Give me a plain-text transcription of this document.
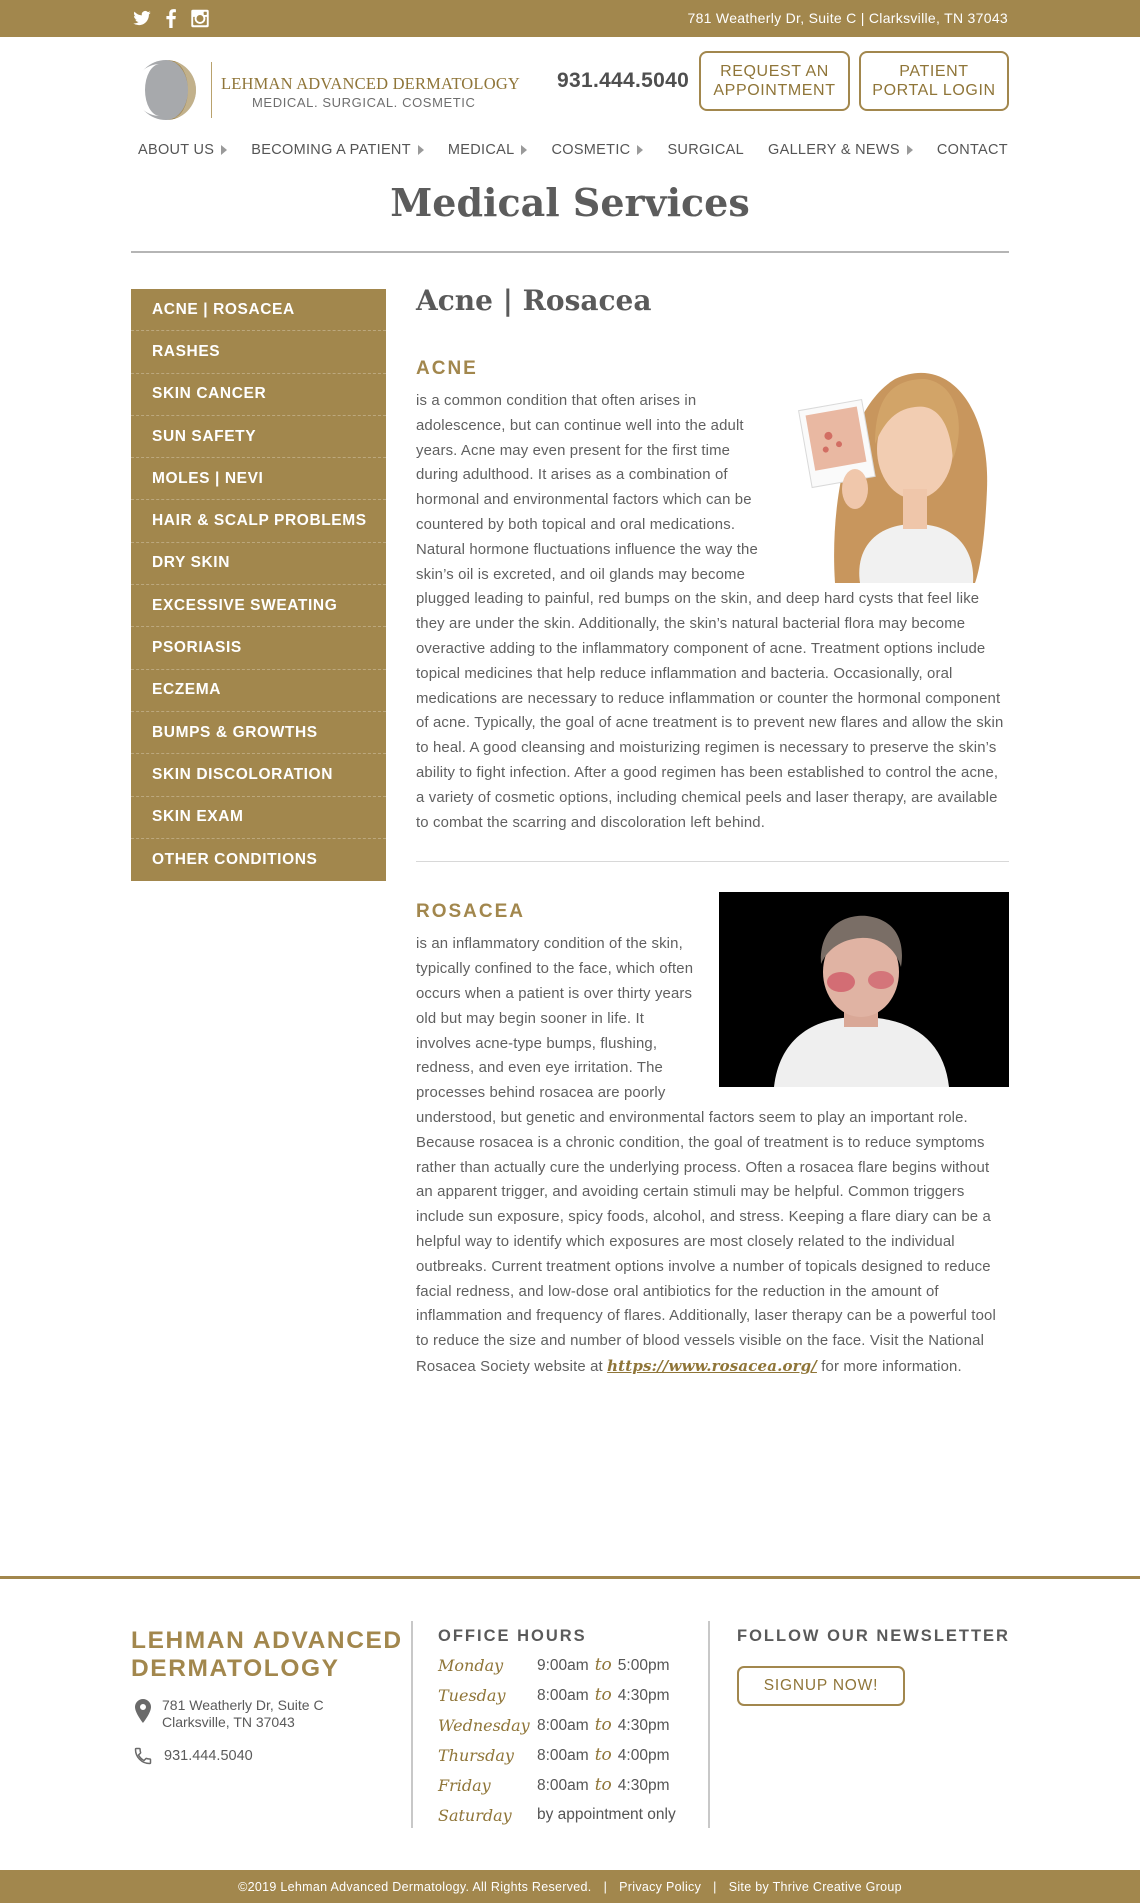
781 Weatherly Dr, Suite C | Clarksville, TN 37043
LEHMAN ADVANCED DERMATOLOGY
MEDICAL. SURGICAL. COSMETIC
931.444.5040	REQUEST AN
APPOINTMENT
PATIENT
PORTAL LOGIN
ABOUT US	BECOMING A PATIENT	MEDICAL	COSMETIC	SURGICAL GALLERY & NEWS	CONTACT
Medical Services
ACNE | ROSACEA
RASHES
SKIN CANCER
SUN SAFETY
MOLES | NEVI
HAIR & SCALP PROBLEMS
DRY SKIN
EXCESSIVE SWEATING
PSORIASIS
ECZEMA
BUMPS & GROWTHS
SKIN DISCOLORATION
SKIN EXAM
OTHER CONDITIONS
Acne | Rosacea
ACNE

is a common condition that often arises in adolescence, but can continue well into the adult years. Acne may even present for the first time during adulthood. It arises as a combination of hormonal and environmental factors which can be countered by both topical and oral medications. Natural hormone fluctuations influence the way the skin’s oil is excreted, and oil glands may become plugged leading to painful, red bumps on the skin, and deep hard cysts that feel like they are under the skin. Additionally, the skin’s natural bacterial flora may become overactive adding to the inflammatory component of acne. Treatment options include topical medicines that help reduce inflammation and bacteria. Occasionally, oral medications are necessary to reduce inflammation or counter the hormonal component of acne. Typically, the goal of acne treatment is to prevent new flares and allow the skin to heal. A good cleansing and moisturizing regimen is necessary to preserve the skin’s ability to fight infection. After a good regimen has been established to control the acne, a variety of cosmetic options, including chemical peels and laser therapy, are available to combat the scarring and discoloration left behind.

ROSACEA

is an inflammatory condition of the skin, typically confined to the face, which often occurs when a patient is over thirty years old but may begin sooner in life. It involves acne-type bumps, flushing, redness, and even eye irritation. The processes behind rosacea are poorly understood, but genetic and environmental factors seem to play an important role. Because rosacea is a chronic condition, the goal of treatment is to reduce symptoms rather than actually cure the underlying process. Often a rosacea flare begins without an apparent trigger, and avoiding certain stimuli may be helpful. Common triggers include sun exposure, spicy foods, alcohol, and stress. Keeping a flare diary can be a helpful way to identify which exposures are most closely related to the individual outbreaks. Current treatment options involve a number of topicals designed to reduce facial redness, and low-dose oral antibiotics for the reduction in the amount of inflammation and frequency of flares. Additionally, laser therapy can be a powerful tool to reduce the size and number of blood vessels visible on the face. Visit the National Rosacea Society website at https://www.rosacea.org/ for more information.

LEHMAN ADVANCED
DERMATOLOGY
781 Weatherly Dr, Suite C
Clarksville, TN 37043
931.444.5040
OFFICE HOURS
Monday	9:00am to 5:00pm
Tuesday	8:00am to 4:30pm
Wednesday 8:00am to 4:30pm
Thursday	8:00am to 4:00pm
Friday	8:00am to 4:30pm
Saturday	by appointment only
FOLLOW OUR NEWSLETTER
SIGNUP NOW!
©2019 Lehman Advanced Dermatology. All Rights Reserved. | Privacy Policy | Site by Thrive Creative Group
